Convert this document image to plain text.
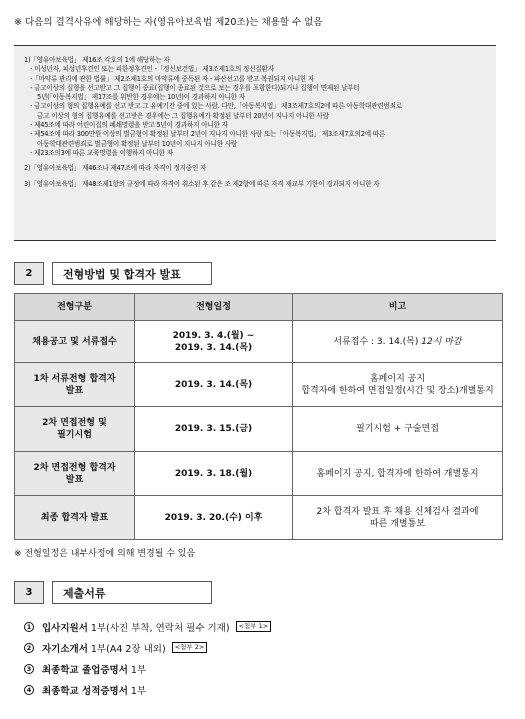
※ 다음의 결격사유에 해당하는 자(영유아보육법 제20조)는 채용할 수 없음
1)「영유아보육법」 제16조 각호의 1에 해당하는 자
- 미성년자, 피성년후견인 또는 피한정후견인 -「정신보건법」 제3조제1호의 정신질환자
-「마약류 관리에 관한 법률」 제2조제1호의 마약류에 중독된 자 - 파산선고를 받고 복권되지 아니한 자
- 금고이상의 실형을 선고받고 그 집행이 종료(집행이 종료된 것으로 보는 경우를 포함한다)되거나 집행이 면제된 날부터
5년(「아동복지법」 제17조를 위반한 경우에는 10년)이 경과하지 아니한 자
- 금고이상의 형의 집행유예를 선고 받고 그 유예기간 중에 있는 사람. 다만,「아동복지법」 제3조제7호의2에 따른 아동학대관련범죄로
금고 이상의 형의 집행유예를 선고받은 경우에는 그 집행유예가 확정된 날부터 20년이 지나지 아니한 사람
- 제45조에 따라 어린이집의 폐쇄명령을 받고 5년이 경과하지 아니한 자
- 제54조에 따라 300만원 이상의 벌금형이 확정된 날부터 2년이 지나지 아니한 사람 또는「아동복지법」 제3조제7호의2에 따른
아동학대관련범죄로 벌금형이 확정된 날부터 10년이 지나지 아니한 사람
- 제23조의3에 따른 교육명령을 이행하지 아니한 자
2)「영유아보육법」 제46조나 제47조에 따라 자격이 정지중인 자
3)「영유아보육법」 제48조제1항의 규정에 따라 자격이 취소된 후 같은 조 제2항에 따른 자격 재교부 기한이 경과되지 아니한 자
2	전형방법 및 합격자 발표
전형구분	전형일정	비고
채용공고 및 서류접수	2019. 3. 4.(월) ~
2019. 3. 14.(목)	서류접수 : 3. 14.(목) 12시 마감
1차 서류전형 합격자
발표	2019. 3. 14.(목)	홈페이지 공지
합격자에 한하여 면접일정(시간 및 장소)개별통지
2차 면접전형 및
필기시험	2019. 3. 15.(금)	필기시험 + 구술면접
2차 면접전형 합격자
발표	2019. 3. 18.(월)	홈페이지 공지, 합격자에 한하여 개별통지
최종 합격자 발표	2019. 3. 20.(수) 이후	2차 합격자 발표 후 채용 신체검사 결과에
따른 개별통보
※ 전형일정은 내부사정에 의해 변경될 수 있음
3	제출서류
1 입사지원서 1부(사진 부착, 연락처 필수 기재)	<첨부 1>
2 자기소개서 1부(A4 2장 내외)	<첨부 2>
3 최종학교 졸업증명서 1부
4 최종학교 성적증명서 1부
